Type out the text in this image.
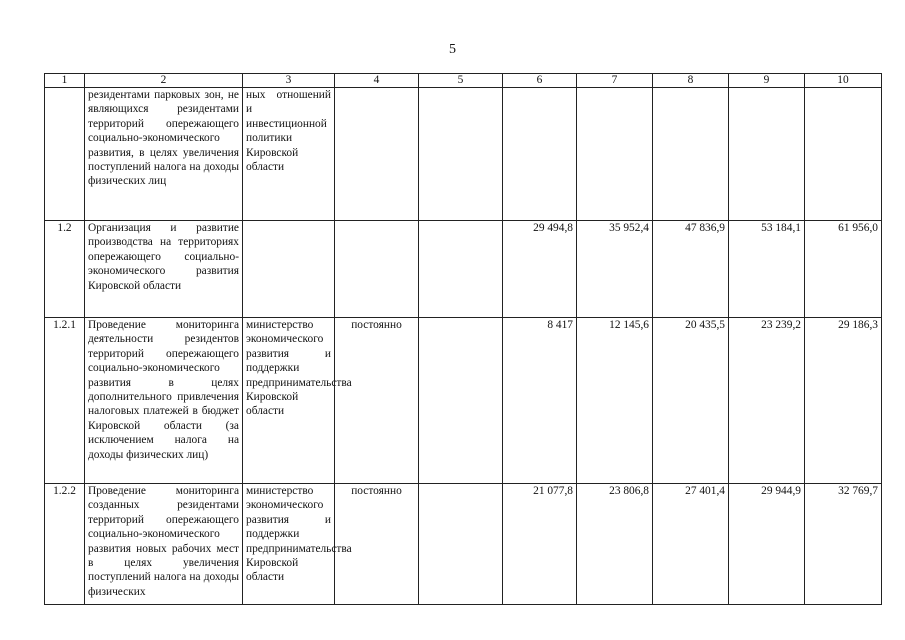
5
1	2	3	4	5	6	7	8	9	10
	резидентами парковых зон, не являющихся резидентами территорий опережающего социально-экономического развития, в целях увеличения поступлений налога на доходы физических лиц	ных отношений и инвестиционной политики Кировской области							
1.2	Организация и развитие производства на территориях опережающего социально-экономического развития Кировской области				29 494,8	35 952,4	47 836,9	53 184,1	61 956,0
1.2.1	Проведение мониторинга деятельности резидентов территорий опережающего социально-экономического развития в целях дополнительного привлечения налоговых платежей в бюджет Кировской области (за исключением налога на доходы физических лиц)	министерство экономического развития и поддержки предпринимательства Кировской области	постоянно		8 417	12 145,6	20 435,5	23 239,2	29 186,3
1.2.2	Проведение мониторинга созданных резидентами территорий опережающего социально-экономического развития новых рабочих мест в целях увеличения поступлений налога на доходы физических	министерство экономического развития и поддержки предпринимательства Кировской области	постоянно		21 077,8	23 806,8	27 401,4	29 944,9	32 769,7
